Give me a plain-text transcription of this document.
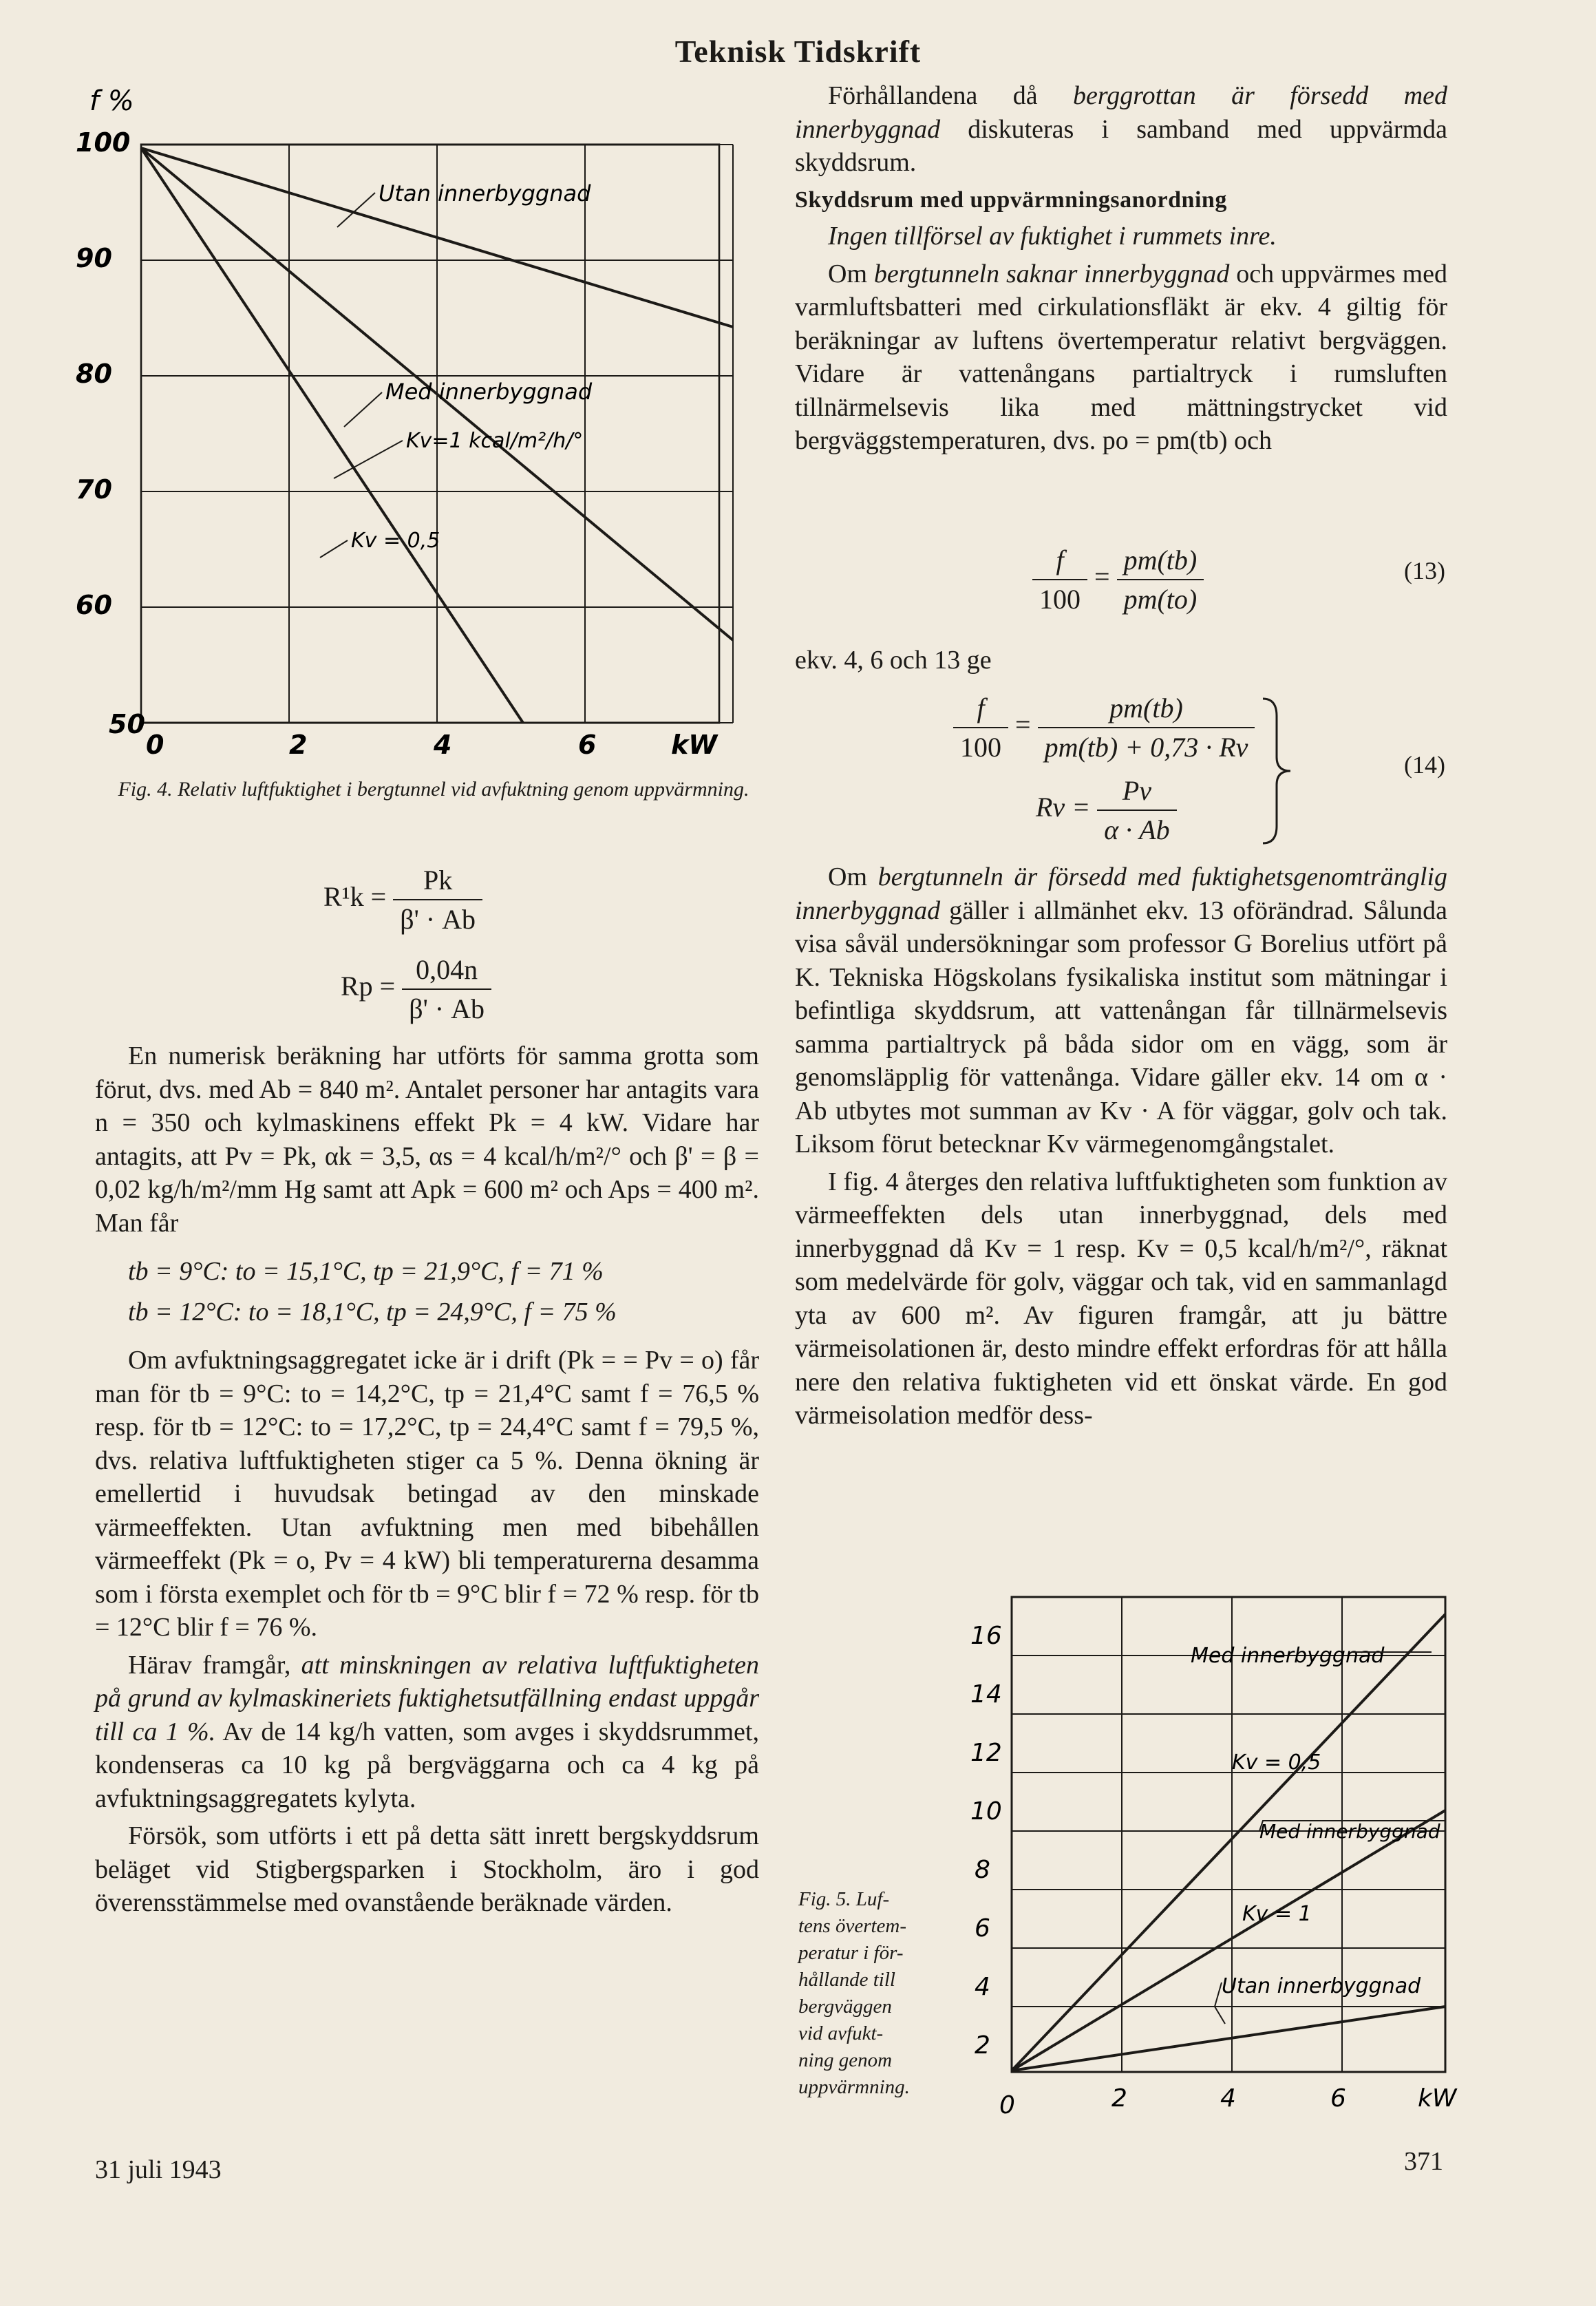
Teknisk Tidskrift
f %
100
90
80
70
60
50
0	2	4	6	kW
Utan innerbyggnad
Med innerbyggnad
Kv=1 kcal/m²/h/°
Kv = 0,5
Fig. 4. Relativ luftfuktighet i bergtunnel vid avfuktning genom uppvärmning.
$R^1k = \frac{Pk}{\beta' \cdot Ab}$
$Rp = \frac{0,04n}{\beta' \cdot Ab}$

En numerisk beräkning har utförts för samma grotta som förut, dvs. med Ab = 840 m². Antalet personer har antagits vara n = 350 och kylmaskinens effekt Pk = 4 kW. Vidare har antagits, att Pv = Pk, αk = 3,5, αs = 4 kcal/h/m²/° och β' = β = 0,02 kg/h/m²/mm Hg samt att Apk = 600 m² och Aps = 400 m². Man får

tb = 9°C: to = 15,1°C, tp = 21,9°C, f = 71 %

tb = 12°C: to = 18,1°C, tp = 24,9°C, f = 75 %

Om avfuktningsaggregatet icke är i drift (Pk = = Pv = o) får man för tb = 9°C: to = 14,2°C, tp = 21,4°C samt f = 76,5 % resp. för tb = 12°C: to = 17,2°C, tp = 24,4°C samt f = 79,5 %, dvs. relativa luftfuktigheten stiger ca 5 %. Denna ökning är emellertid i huvudsak betingad av den minskade värmeeffekten. Utan avfuktning men med bibehållen värmeeffekt (Pk = o, Pv = 4 kW) bli temperaturerna desamma som i första exemplet och för tb = 9°C blir f = 72 % resp. för tb = 12°C blir f = 76 %.

Härav framgår, att minskningen av relativa luftfuktigheten på grund av kylmaskineriets fuktighetsutfällning endast uppgår till ca 1 %. Av de 14 kg/h vatten, som avges i skyddsrummet, kondenseras ca 10 kg på bergväggarna och ca 4 kg på avfuktningsaggregatets kylyta.

Försök, som utförts i ett på detta sätt inrett bergskyddsrum beläget vid Stigbergsparken i Stockholm, äro i god överensstämmelse med ovanstående beräknade värden.

Förhållandena då berggrottan är försedd med innerbyggnad diskuteras i samband med uppvärmda skyddsrum.

Skyddsrum med uppvärmningsanordning

Ingen tillförsel av fuktighet i rummets inre.

Om bergtunneln saknar innerbyggnad och uppvärmes med varmluftsbatteri med cirkulationsfläkt är ekv. 4 giltig för beräkningar av luftens övertemperatur relativt bergväggen. Vidare är vattenångans partialtryck i rumsluften tillnärmelsevis lika med mättningstrycket vid bergväggstemperaturen, dvs. po = pm(tb) och

$\frac{f}{100} = \frac{pm(tb)}{pm(to)}$	(13)

ekv. 4, 6 och 13 ge

$\frac{f}{100} = \frac{pm(tb)}{pm(tb) + 0,73 \cdot Rv}$
$Rv = \frac{Pv}{\alpha \cdot Ab}$
(14)

Om bergtunneln är försedd med fuktighetsgenomtränglig innerbyggnad gäller i allmänhet ekv. 13 oförändrad. Sålunda visa såväl undersökningar som professor G Borelius utfört på K. Tekniska Högskolans fysikaliska institut som mätningar i befintliga skyddsrum, att vattenångan får tillnärmelsevis samma partialtryck på båda sidor om en vägg, som är genomsläpplig för vattenånga. Vidare gäller ekv. 14 om α · Ab utbytes mot summan av Kv · A för väggar, golv och tak. Liksom förut betecknar Kv värmegenomgångstalet.

I fig. 4 återges den relativa luftfuktigheten som funktion av värmeeffekten dels utan innerbyggnad, dels med innerbyggnad då Kv = 1 resp. Kv = 0,5 kcal/h/m²/°, räknat som medelvärde för golv, väggar och tak, vid en sammanlagd yta av 600 m². Av figuren framgår, att ju bättre värmeisolationen är, desto mindre effekt erfordras för att hålla nere den relativa fuktigheten vid ett önskat värde. En god värmeisolation medför dess-

16
14
12
10
8
6
4
2
0	2	4	6	kW
Med innerbyggnad
Kv = 0,5
Med innerbyggnad
Kv = 1
Utan innerbyggnad
Fig. 5. Luf-
tens övertem-
peratur i för-
hållande till
bergväggen
vid avfukt-
ning genom
uppvärmning.
31 juli 1943	371
